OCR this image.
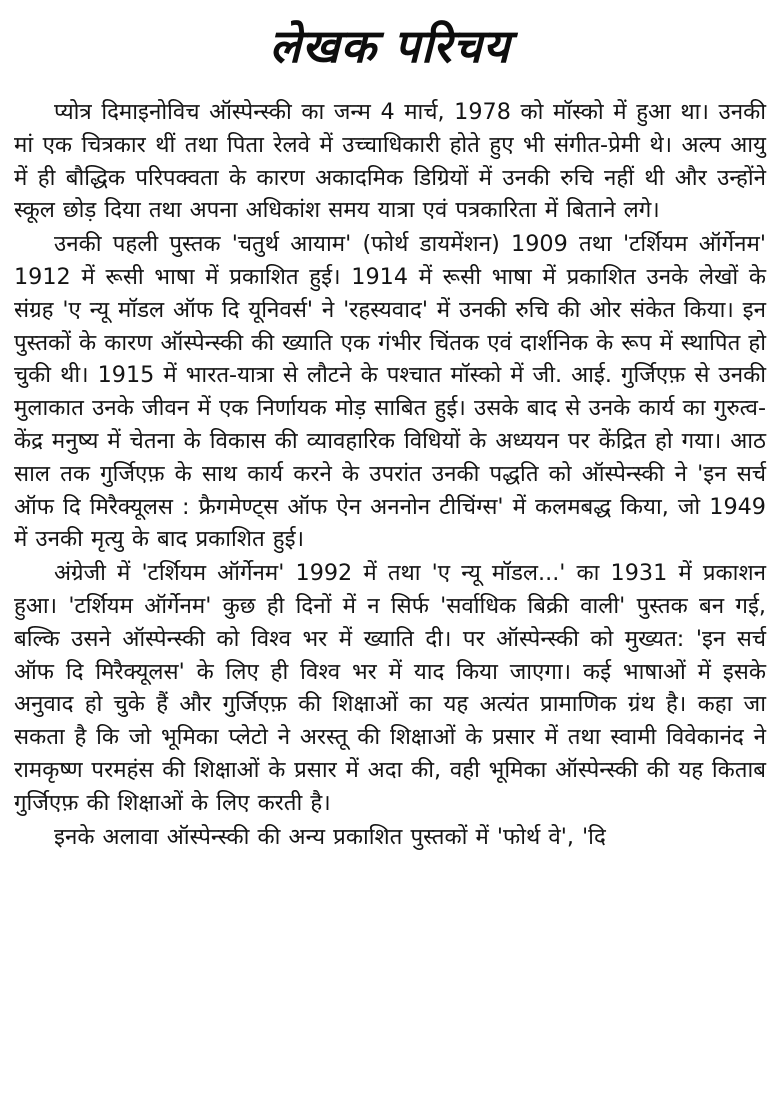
लेखक परिचय

प्योत्र दिमाइनोविच ऑस्पेन्स्की का जन्म 4 मार्च, 1978 को मॉस्को में हुआ था। उनकी मां एक चित्रकार थीं तथा पिता रेलवे में उच्चाधिकारी होते हुए भी संगीत-प्रेमी थे। अल्प आयु में ही बौद्धिक परिपक्वता के कारण अकादमिक डिग्रियों में उनकी रुचि नहीं थी और उन्होंने स्कूल छोड़ दिया तथा अपना अधिकांश समय यात्रा एवं पत्रकारिता में बिताने लगे।

उनकी पहली पुस्तक 'चतुर्थ आयाम' (फोर्थ डायमेंशन) 1909 तथा 'टर्शियम ऑर्गेनम' 1912 में रूसी भाषा में प्रकाशित हुई। 1914 में रूसी भाषा में प्रकाशित उनके लेखों के संग्रह 'ए न्यू मॉडल ऑफ दि यूनिवर्स' ने 'रहस्यवाद' में उनकी रुचि की ओर संकेत किया। इन पुस्तकों के कारण ऑस्पेन्स्की की ख्याति एक गंभीर चिंतक एवं दार्शनिक के रूप में स्थापित हो चुकी थी। 1915 में भारत-यात्रा से लौटने के पश्चात मॉस्को में जी. आई. गुर्जिएफ़ से उनकी मुलाकात उनके जीवन में एक निर्णायक मोड़ साबित हुई। उसके बाद से उनके कार्य का गुरुत्व-केंद्र मनुष्य में चेतना के विकास की व्यावहारिक विधियों के अध्ययन पर केंद्रित हो गया। आठ साल तक गुर्जिएफ़ के साथ कार्य करने के उपरांत उनकी पद्धति को ऑस्पेन्स्की ने 'इन सर्च ऑफ दि मिरैक्यूलस : फ्रैगमेण्ट्स ऑफ ऐन अननोन टीचिंग्स' में कलमबद्ध किया, जो 1949 में उनकी मृत्यु के बाद प्रकाशित हुई।

अंग्रेजी में 'टर्शियम ऑर्गेनम' 1992 में तथा 'ए न्यू मॉडल...' का 1931 में प्रकाशन हुआ। 'टर्शियम ऑर्गेनम' कुछ ही दिनों में न सिर्फ 'सर्वाधिक बिक्री वाली' पुस्तक बन गई, बल्कि उसने ऑस्पेन्स्की को विश्व भर में ख्याति दी। पर ऑस्पेन्स्की को मुख्यत: 'इन सर्च ऑफ दि मिरैक्यूलस' के लिए ही विश्व भर में याद किया जाएगा। कई भाषाओं में इसके अनुवाद हो चुके हैं और गुर्जिएफ़ की शिक्षाओं का यह अत्यंत प्रामाणिक ग्रंथ है। कहा जा सकता है कि जो भूमिका प्लेटो ने अरस्तू की शिक्षाओं के प्रसार में तथा स्वामी विवेकानंद ने रामकृष्ण परमहंस की शिक्षाओं के प्रसार में अदा की, वही भूमिका ऑस्पेन्स्की की यह किताब गुर्जिएफ़ की शिक्षाओं के लिए करती है।

इनके अलावा ऑस्पेन्स्की की अन्य प्रकाशित पुस्तकों में 'फोर्थ वे', 'दि
